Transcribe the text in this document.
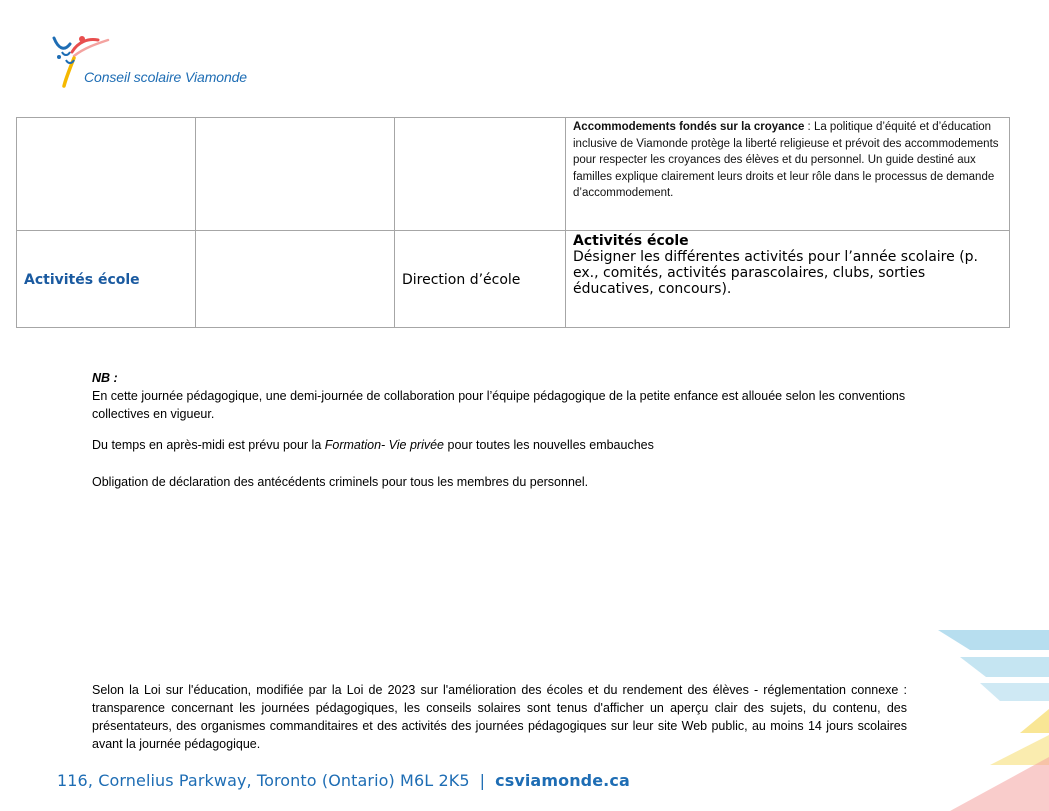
Conseil scolaire Viamonde

			Accommodements fondés sur la croyance : La politique d’équité et d’éducation inclusive de Viamonde protège la liberté religieuse et prévoit des accommodements pour respecter les croyances des élèves et du personnel. Un guide destiné aux familles explique clairement leurs droits et leur rôle dans le processus de demande d’accommodement.

Activités école		Direction d’école	Activités école
Désigner les différentes activités pour l’année scolaire (p. ex., comités, activités parascolaires, clubs, sorties éducatives, concours).
NB :

En cette journée pédagogique, une demi-journée de collaboration pour l’équipe pédagogique de la petite enfance est allouée selon les conventions collectives en vigueur.

Du temps en après-midi est prévu pour la Formation- Vie privée pour toutes les nouvelles embauches
Obligation de déclaration des antécédents criminels pour tous les membres du personnel.
Selon la Loi sur l'éducation, modifiée par la Loi de 2023 sur l'amélioration des écoles et du rendement des élèves - réglementation connexe : transparence concernant les journées pédagogiques, les conseils solaires sont tenus d'afficher un aperçu clair des sujets, du contenu, des présentateurs, des organismes commanditaires et des activités des journées pédagogiques sur leur site Web public, au moins 14 jours scolaires avant la journée pédagogique.
116, Cornelius Parkway, Toronto (Ontario) M6L 2K5 | csviamonde.ca
